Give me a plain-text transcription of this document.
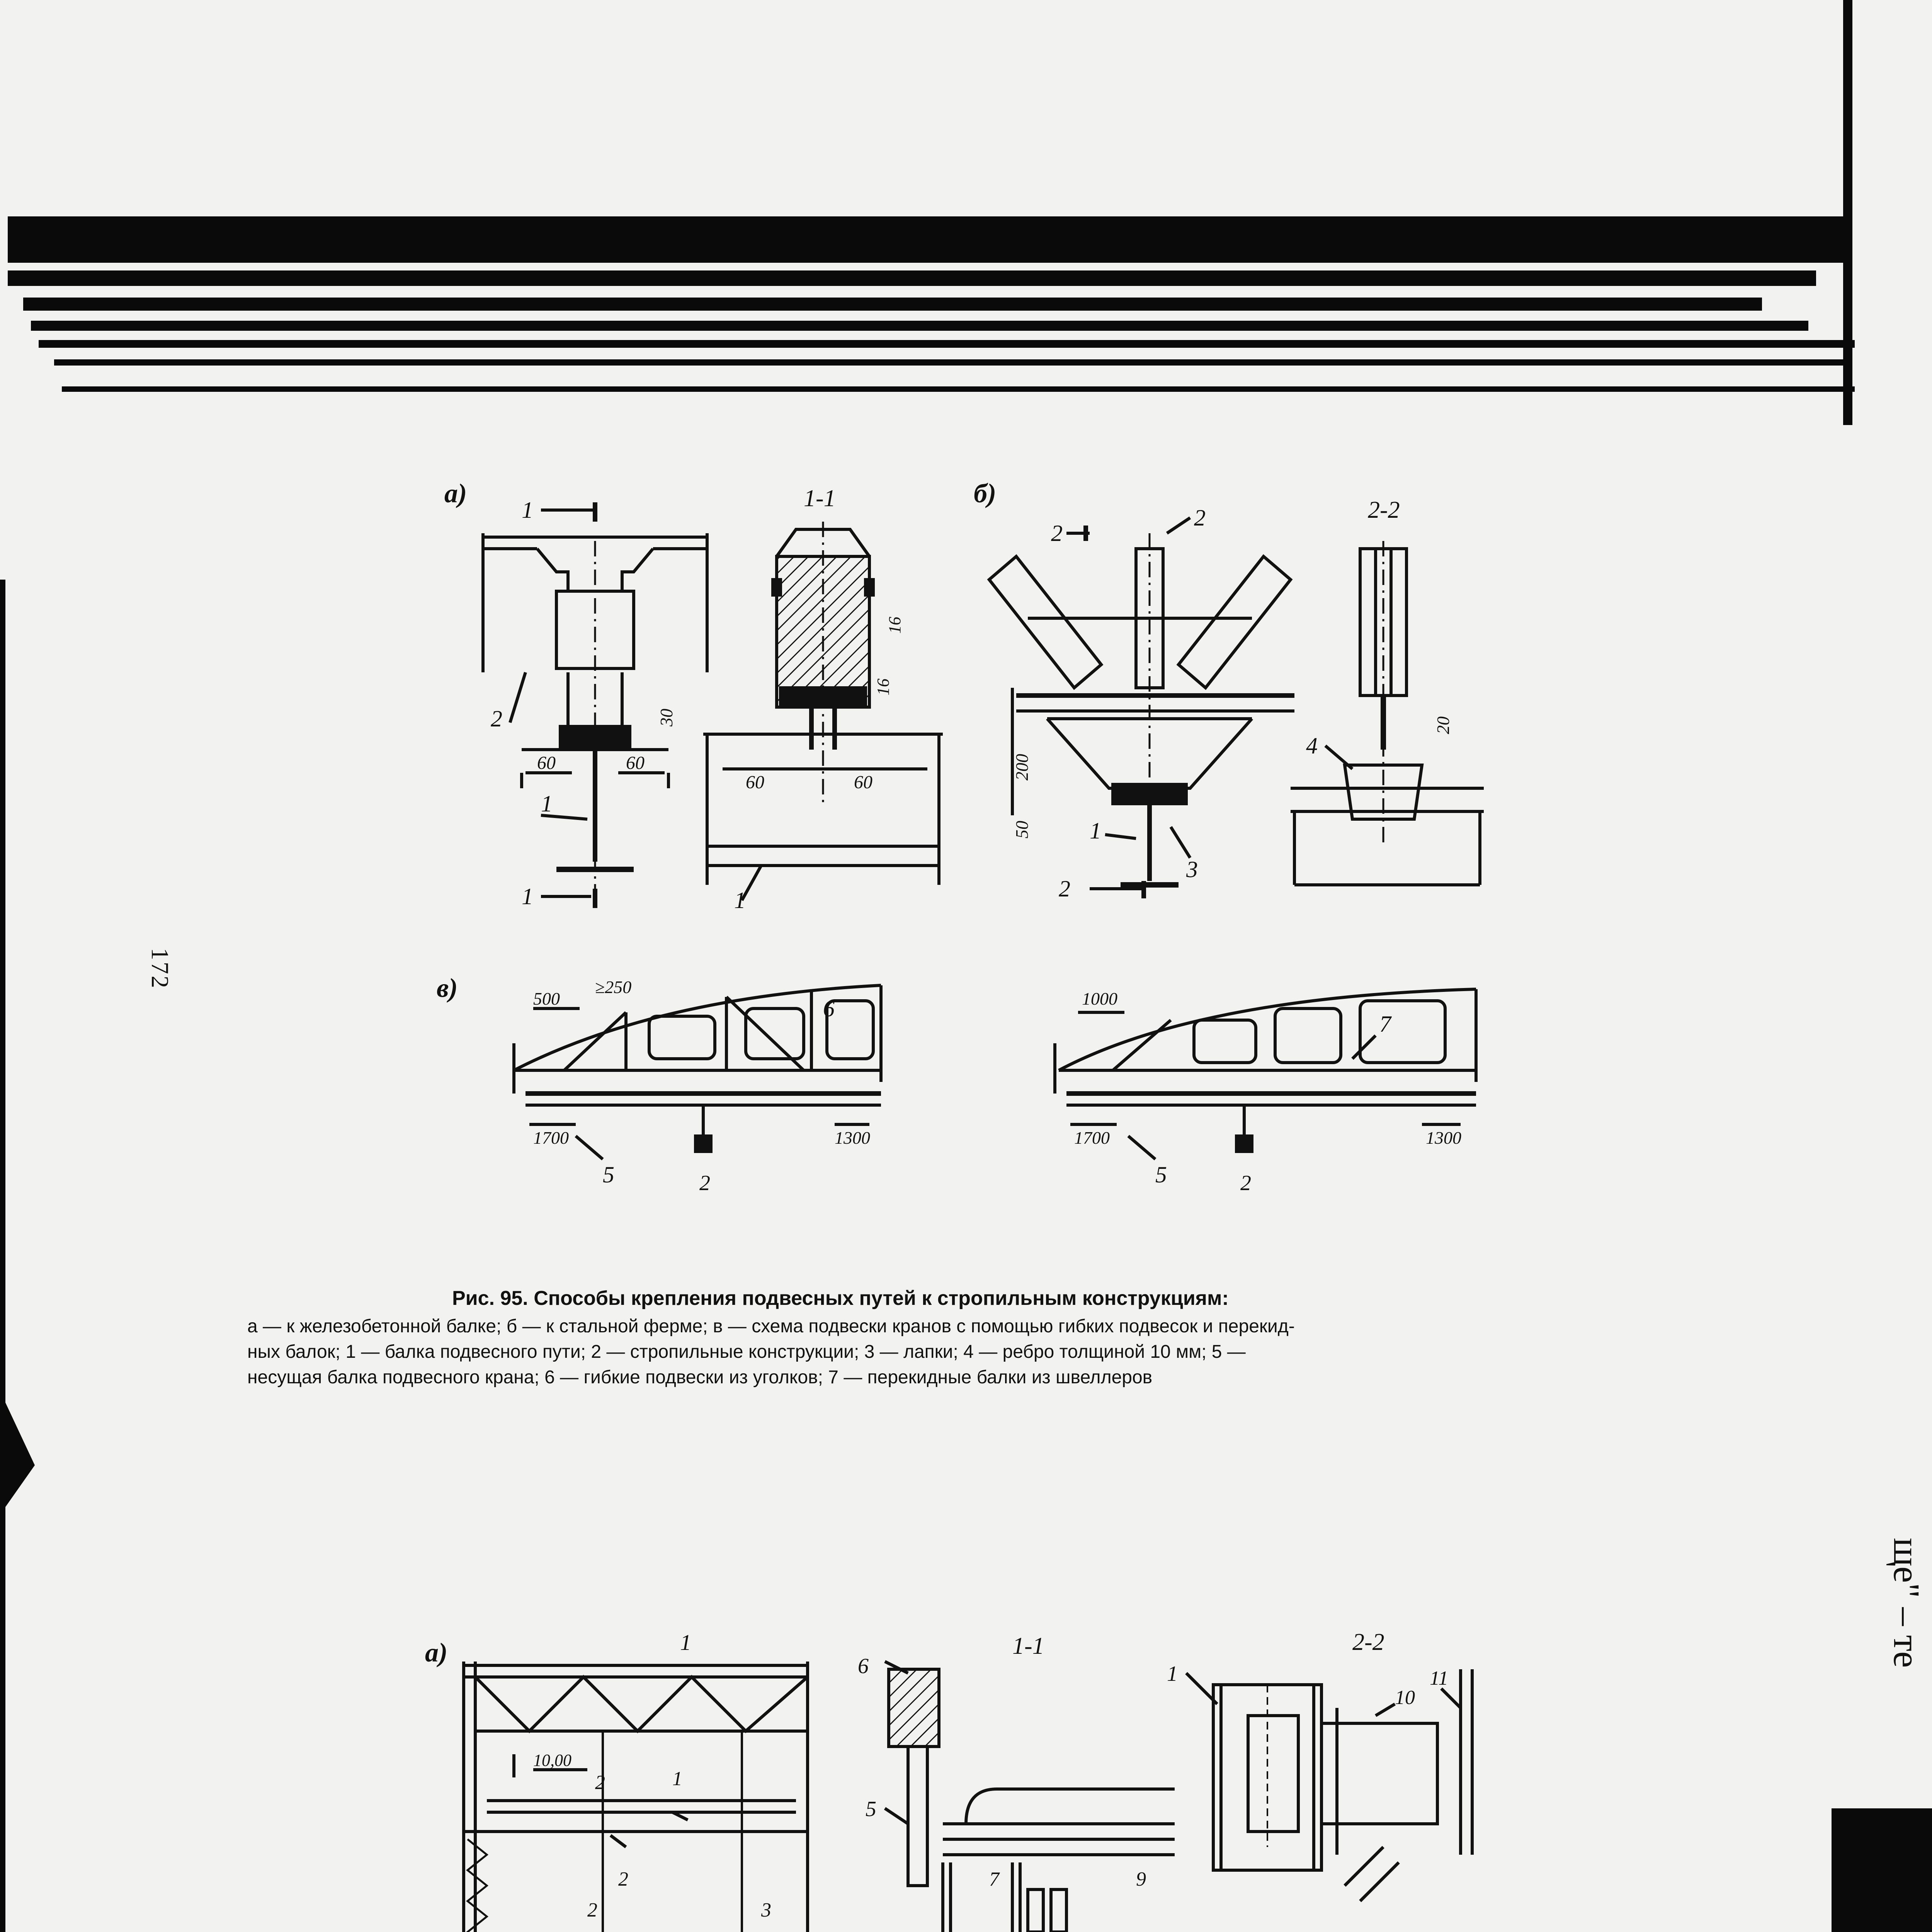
172
ще" – те
а)
1
1
2
1
60	60
30
1-1
60	60
16
16
1
б)
2
2
2
1
3
200
50
2-2
4
20
в)	500
≥250
6
1700	1300
5	2
1000
7
1700	1300
5	2
Рис. 95. Способы крепления подвесных путей к стропильным конструкциям:
а — к железобетонной балке; б — к стальной ферме; в — схема подвески кранов с помощью гибких подвесок и перекид-
ных балок; 1 — балка подвесного пути; 2 — стропильные конструкции; 3 — лапки; 4 — ребро толщиной 10 мм; 5 —
несущая балка подвесного крана; 6 — гибкие подвески из уголков; 7 — перекидные балки из швеллеров
а)	1
10,00
1
2
2
2	3
1-1
6
5
7	9
2-2
1
10
11
